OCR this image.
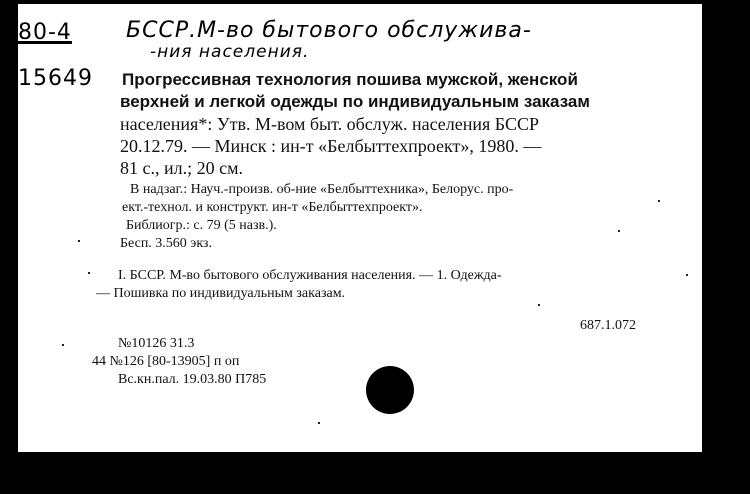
80-4 БССР.М-во бытового обслужива-
-ния населения.
15649 Прогрессивная технология пошива мужской, женской
верхней и легкой одежды по индивидуальным заказам
населения*: Утв. М-вом быт. обслуж. населения БССР
20.12.79. — Минск : ин-т «Белбыттехпроект», 1980. —
81 с., ил.; 20 см.
В надзаг.: Науч.-произв. об-ние «Белбыттехника», Белорус. про-
ект.-технол. и конструкт. ин-т «Белбыттехпроект».
Библиогр.: с. 79 (5 назв.).
Бесп. 3.560 экз.
I. БССР. М-во бытового обслуживания населения. — 1. Одежда-
— Пошивка по индивидуальным заказам.
687.1.072
№10126 31.3
44 №126 [80-13905] п оп
Вс.кн.пал. 19.03.80 П785
